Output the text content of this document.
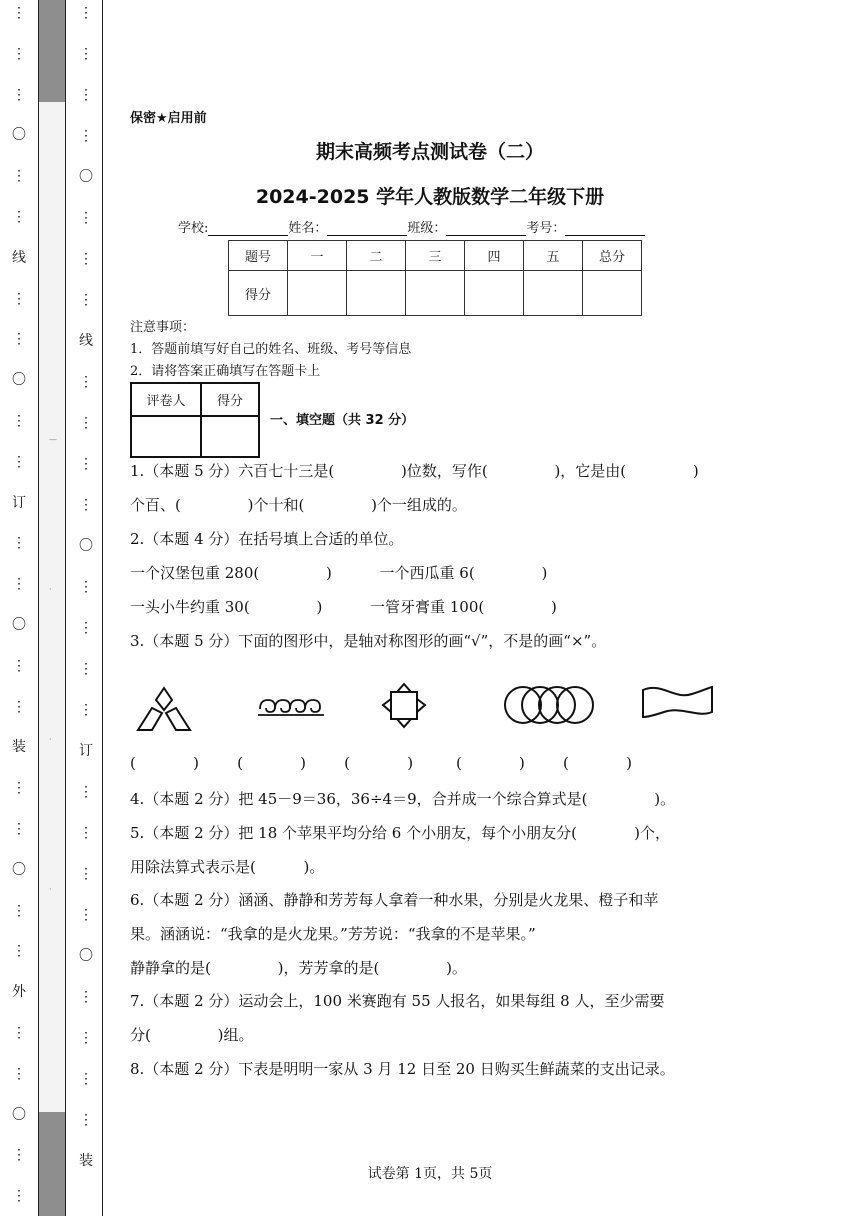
⋮
⋮
⋮
〇
⋮
⋮
线
⋮
⋮
〇
⋮
⋮
订
⋮
⋮
〇
⋮
⋮
装
⋮
⋮
〇
⋮
⋮
外
⋮
⋮
〇
⋮
⋮
—
·
·
·
⋮
⋮
⋮
⋮
〇
⋮
⋮
⋮
线
⋮
⋮
⋮
⋮
〇
⋮
⋮
⋮
⋮
订
⋮
⋮
⋮
⋮
〇
⋮
⋮
⋮
⋮
装
保密★启用前
期末高频考点测试卷（二）
2024-2025 学年人教版数学二年级下册
学校:	姓名：	班级：	考号：
题号	一	二	三	四	五	总分
得分						
注意事项：
1．答题前填写好自己的姓名、班级、考号等信息
2．请将答案正确填写在答题卡上
评卷人	得分

一、填空题（共 32 分）
1.（本题 5 分）六百七十三是(              )位数，写作(              )，它是由(              )
个百、(              )个十和(              )个一组成的。
2.（本题 4 分）在括号填上合适的单位。
一个汉堡包重 280(              )          一个西瓜重 6(              )
一头小牛约重 30(              )          一管牙膏重 100(              )
3.（本题 5 分）下面的图形中，是轴对称图形的画“√”，不是的画“×”。
(            )        (            )        (            )         (            )        (            )
4.（本题 2 分）把 45－9＝36，36÷4＝9，合并成一个综合算式是(              )。
5.（本题 2 分）把 18 个苹果平均分给 6 个小朋友，每个小朋友分(            )个，
用除法算式表示是(          )。
6.（本题 2 分）涵涵、静静和芳芳每人拿着一种水果，分别是火龙果、橙子和苹
果。涵涵说：“我拿的是火龙果。”芳芳说：“我拿的不是苹果。”
静静拿的是(              )，芳芳拿的是(              )。
7.（本题 2 分）运动会上，100 米赛跑有 55 人报名，如果每组 8 人，至少需要
分(              )组。
8.（本题 2 分）下表是明明一家从 3 月 12 日至 20 日购买生鲜蔬菜的支出记录。
试卷第 1页，共 5页
